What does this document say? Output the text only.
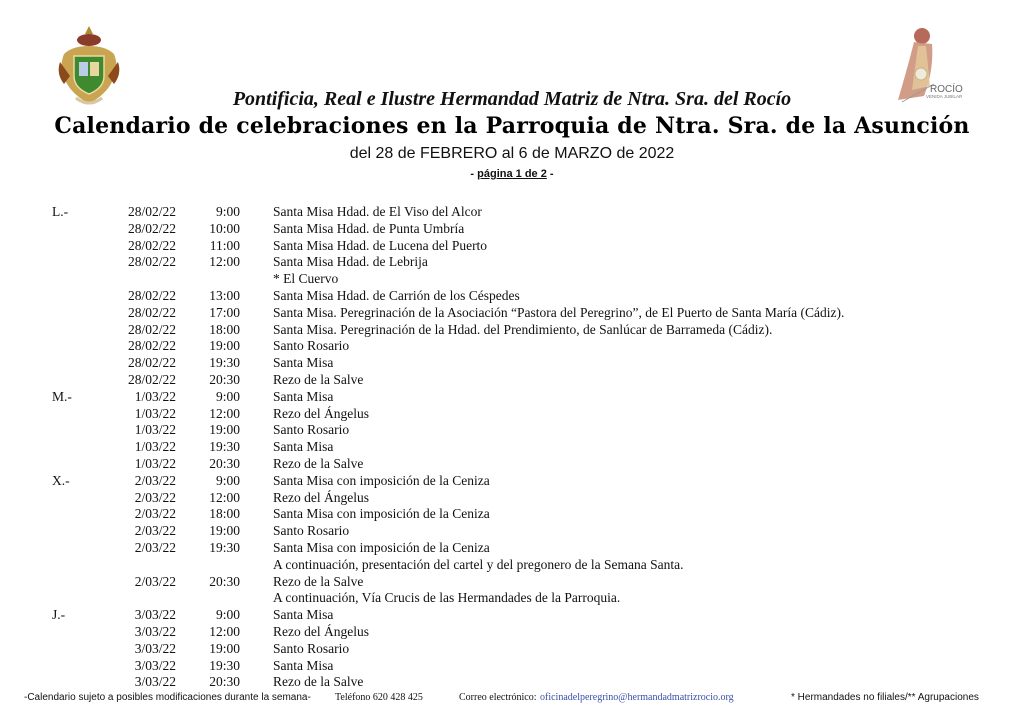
ROCÍO
VENIDA JUBILAR
Pontificia, Real e Ilustre Hermandad Matriz de Ntra. Sra. del Rocío
Calendario de celebraciones en la Parroquia de Ntra. Sra. de la Asunción
del 28 de FEBRERO al 6 de MARZO de 2022
- página 1 de 2 -
L.-	28/02/22	9:00 Santa Misa Hdad. de El Viso del Alcor
28/02/22	10:00 Santa Misa Hdad. de Punta Umbría
28/02/22	11:00 Santa Misa Hdad. de Lucena del Puerto
28/02/22	12:00 Santa Misa Hdad. de Lebrija
* El Cuervo
28/02/22	13:00 Santa Misa Hdad. de Carrión de los Céspedes
28/02/22	17:00 Santa Misa. Peregrinación de la Asociación “Pastora del Peregrino”, de El Puerto de Santa María (Cádiz).
28/02/22	18:00 Santa Misa. Peregrinación de la Hdad. del Prendimiento, de Sanlúcar de Barrameda (Cádiz).
28/02/22	19:00 Santo Rosario
28/02/22	19:30 Santa Misa
28/02/22	20:30 Rezo de la Salve
M.-	1/03/22	9:00 Santa Misa
1/03/22	12:00 Rezo del Ángelus
1/03/22	19:00 Santo Rosario
1/03/22	19:30 Santa Misa
1/03/22	20:30 Rezo de la Salve
X.-	2/03/22	9:00 Santa Misa con imposición de la Ceniza
2/03/22	12:00 Rezo del Ángelus
2/03/22	18:00 Santa Misa con imposición de la Ceniza
2/03/22	19:00 Santo Rosario
2/03/22	19:30 Santa Misa con imposición de la Ceniza
A continuación, presentación del cartel y del pregonero de la Semana Santa.
2/03/22	20:30 Rezo de la Salve
A continuación, Vía Crucis de las Hermandades de la Parroquia.
J.-	3/03/22	9:00 Santa Misa
3/03/22	12:00 Rezo del Ángelus
3/03/22	19:00 Santo Rosario
3/03/22	19:30 Santa Misa
3/03/22	20:30 Rezo de la Salve
-Calendario sujeto a posibles modificaciones durante la semana- Teléfono 620 428 425	Correo electrónico: oficinadelperegrino@hermandadmatrizrocio.org	* Hermandades no filiales/** Agrupaciones
